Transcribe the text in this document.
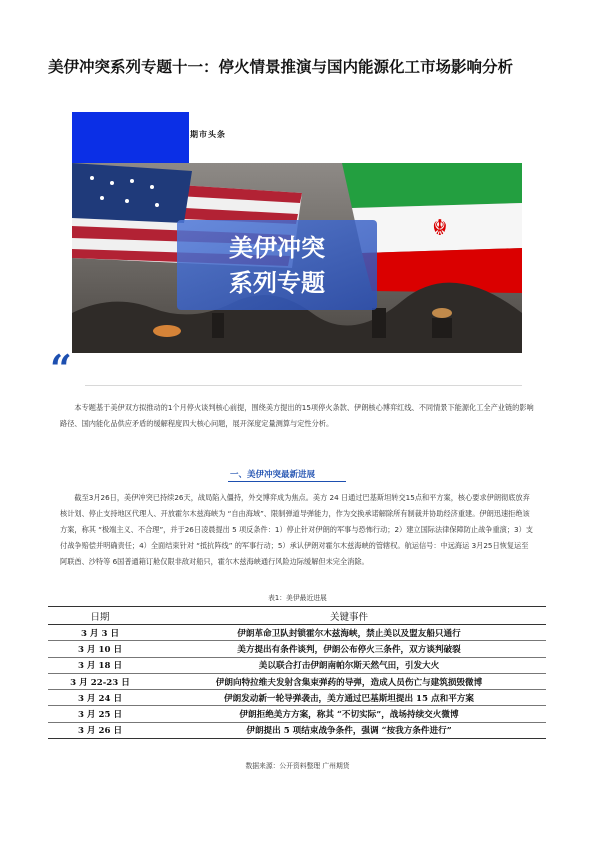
美伊冲突系列专题十一：停火情景推演与国内能源化工市场影响分析
期市头条
☬
美伊冲突
系列专题
“

本专题基于美伊双方拟推动的1个月停火谈判核心前提，围绕美方提出的15项停火条款、伊朗核心博弈红线、不同情景下能源化工全产业链的影响路径、国内能化品供应矛盾的缓解程度四大核心问题，展开深度定量测算与定性分析。

一、美伊冲突最新进展

截至3月26日，美伊冲突已持续26天，战局陷入僵持，外交博弈成为焦点。美方 24 日通过巴基斯坦转交15点和平方案，核心要求伊朗彻底放弃核计划、停止支持地区代理人、开放霍尔木兹海峡为 “自由海域”、限制弹道导弹能力，作为交换承诺解除所有制裁并协助经济重建。伊朗迅速拒绝该方案，称其 “极端主义、不合理”，并于26日凌晨提出 5 项反条件：1）停止针对伊朗的军事与恐怖行动；2）建立国际法律保障防止战争重演；3）支付战争赔偿并明确责任；4）全面结束针对 “抵抗阵线” 的军事行动；5）承认伊朗对霍尔木兹海峡的管辖权。航运信号：中远海运 3月25日恢复运至阿联酋、沙特等 6国普通箱订舱仅限非敌对船只，霍尔木兹海峡通行风险边际缓解但未完全消除。

表1：美伊最近进展
日期	关键事件
3 月 3 日	伊朗革命卫队封锁霍尔木兹海峡，禁止美以及盟友船只通行
3 月 10 日	美方提出有条件谈判，伊朗公布停火三条件，双方谈判破裂
3 月 18 日	美以联合打击伊朗南帕尔斯天然气田，引发大火
3 月 22-23 日	伊朗向特拉维夫发射含集束弹药的导弹，造成人员伤亡与建筑损毁微博
3 月 24 日	伊朗发动新一轮导弹袭击，美方通过巴基斯坦提出 15 点和平方案
3 月 25 日	伊朗拒绝美方方案，称其 “不切实际”，战场持续交火微博
3 月 26 日	伊朗提出 5 项结束战争条件，强调 “按我方条件进行”
数据来源：公开资料整理 广州期货
